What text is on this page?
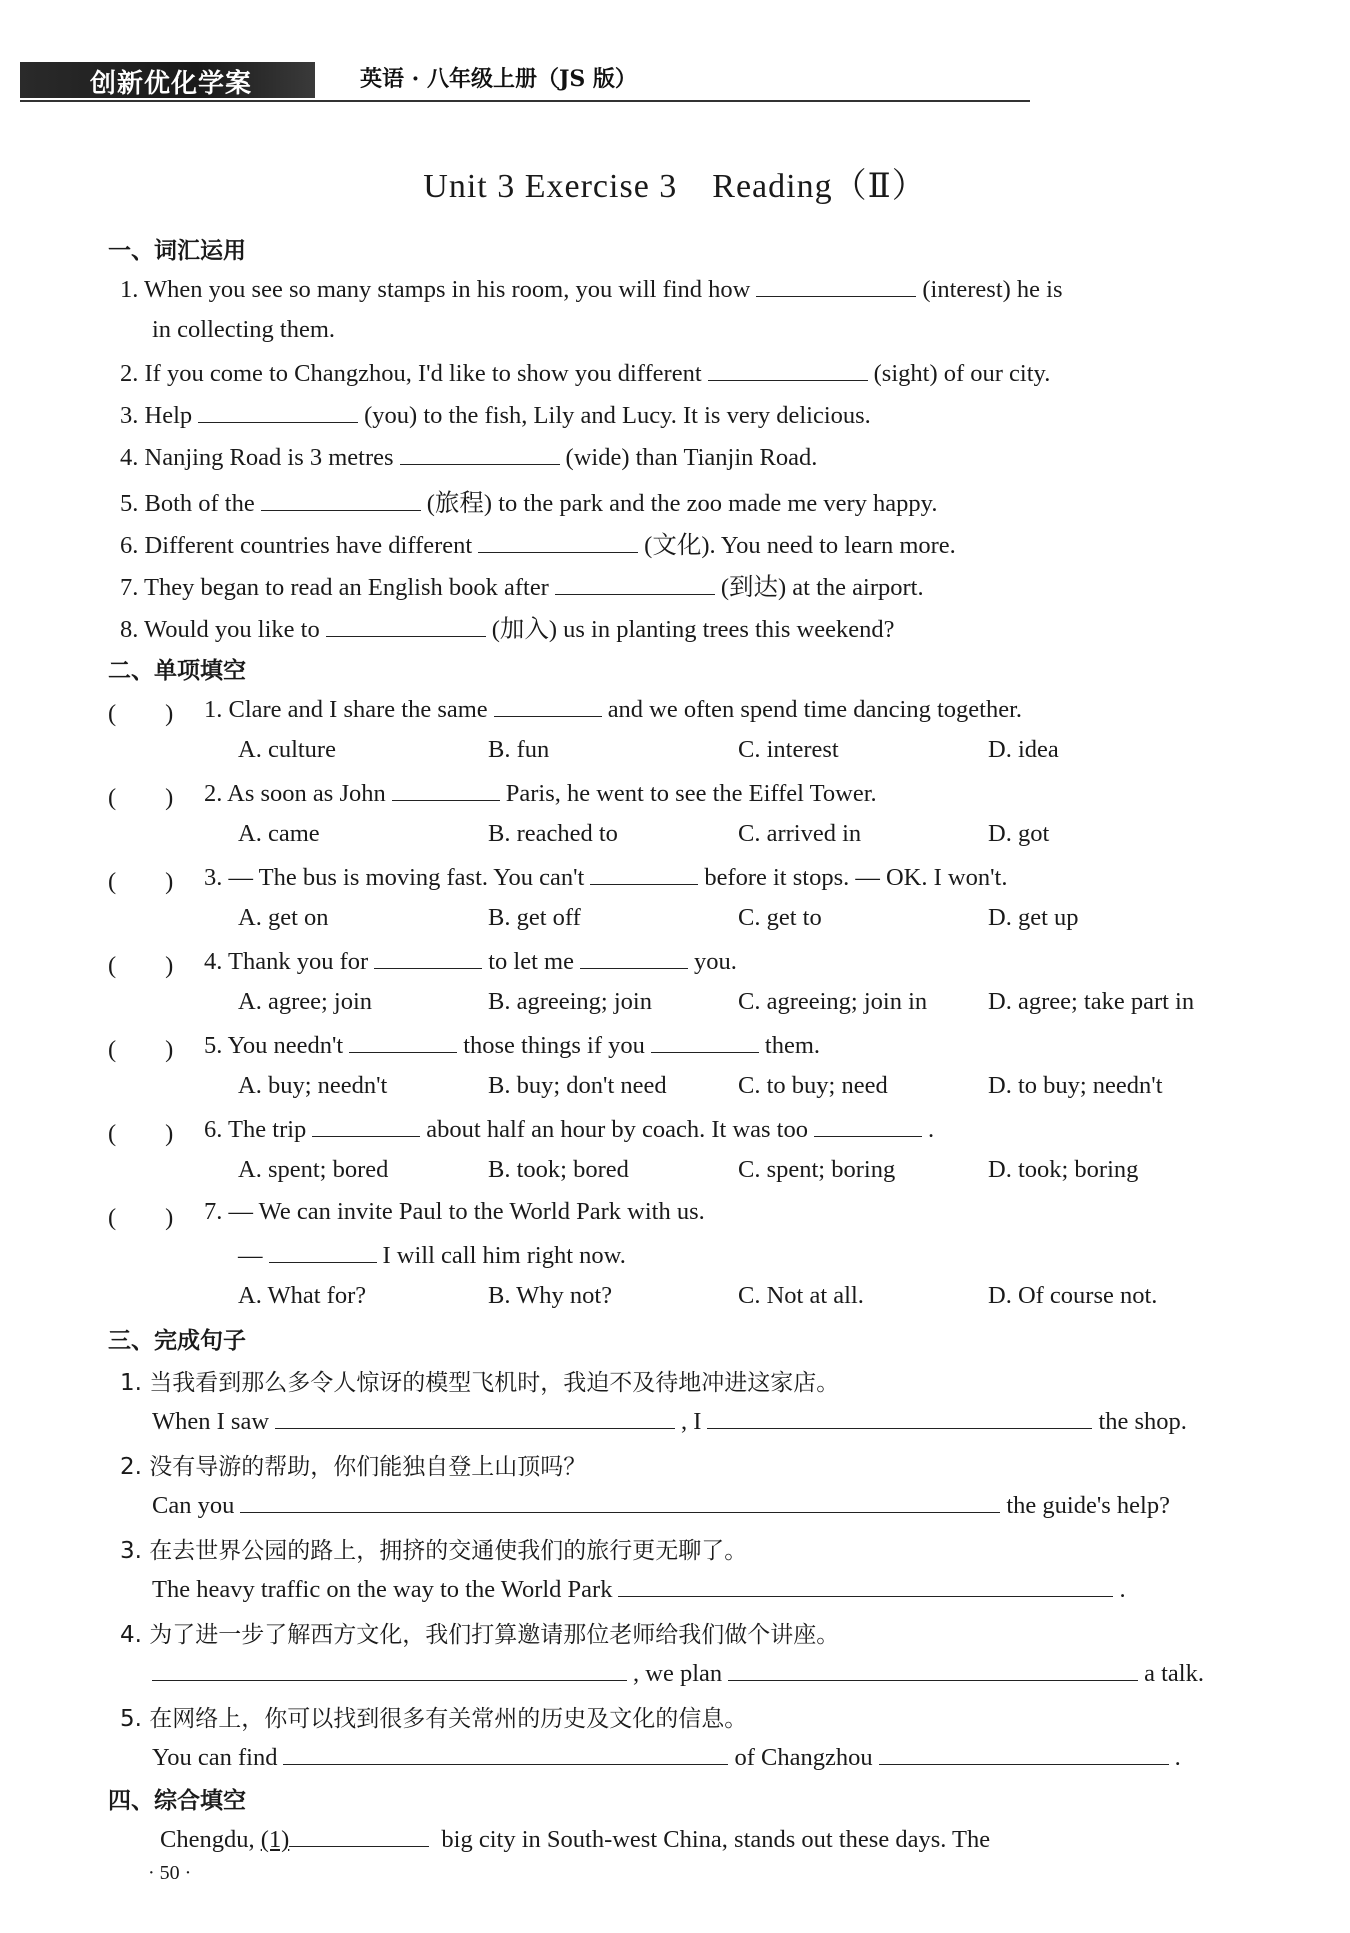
创新优化学案	英语 · 八年级上册（JS 版）
Unit 3 Exercise 3　Reading（Ⅱ）
一、词汇运用
1. When you see so many stamps in his room, you will find how	(interest) he is
in collecting them.
2. If you come to Changzhou, I'd like to show you different	(sight) of our city.
3. Help	(you) to the fish, Lily and Lucy. It is very delicious.
4. Nanjing Road is 3 metres	(wide) than Tianjin Road.
5. Both of the	(旅程) to the park and the zoo made me very happy.
6. Different countries have different	(文化). You need to learn more.
7. They began to read an English book after	(到达) at the airport.
8. Would you like to	(加入) us in planting trees this weekend?
二、单项填空
(　　) 1. Clare and I share the same	and we often spend time dancing together.
A. culture	B. fun	C. interest	D. idea
(　　) 2. As soon as John	Paris, he went to see the Eiffel Tower.
A. came	B. reached to	C. arrived in	D. got
(　　) 3. — The bus is moving fast. You can't	before it stops. — OK. I won't.
A. get on	B. get off	C. get to	D. get up
(　　) 4. Thank you for	to let me	you.
A. agree; join	B. agreeing; join	C. agreeing; join in D. agree; take part in
(　　) 5. You needn't	those things if you	them.
A. buy; needn't	B. buy; don't need	C. to buy; need	D. to buy; needn't
(　　) 6. The trip	about half an hour by coach. It was too	.
A. spent; bored	B. took; bored	C. spent; boring	D. took; boring
(　　) 7. — We can invite Paul to the World Park with us.
—	I will call him right now.
A. What for?	B. Why not?	C. Not at all.	D. Of course not.
三、完成句子
1. 当我看到那么多令人惊讶的模型飞机时，我迫不及待地冲进这家店。
When I saw	, I	the shop.
2. 没有导游的帮助，你们能独自登上山顶吗？
Can you	the guide's help?
3. 在去世界公园的路上，拥挤的交通使我们的旅行更无聊了。
The heavy traffic on the way to the World Park	.
4. 为了进一步了解西方文化，我们打算邀请那位老师给我们做个讲座。
, we plan	a talk.
5. 在网络上，你可以找到很多有关常州的历史及文化的信息。
You can find	of Changzhou	.
四、综合填空
Chengdu, (1)	big city in South-west China, stands out these days. The
· 50 ·
